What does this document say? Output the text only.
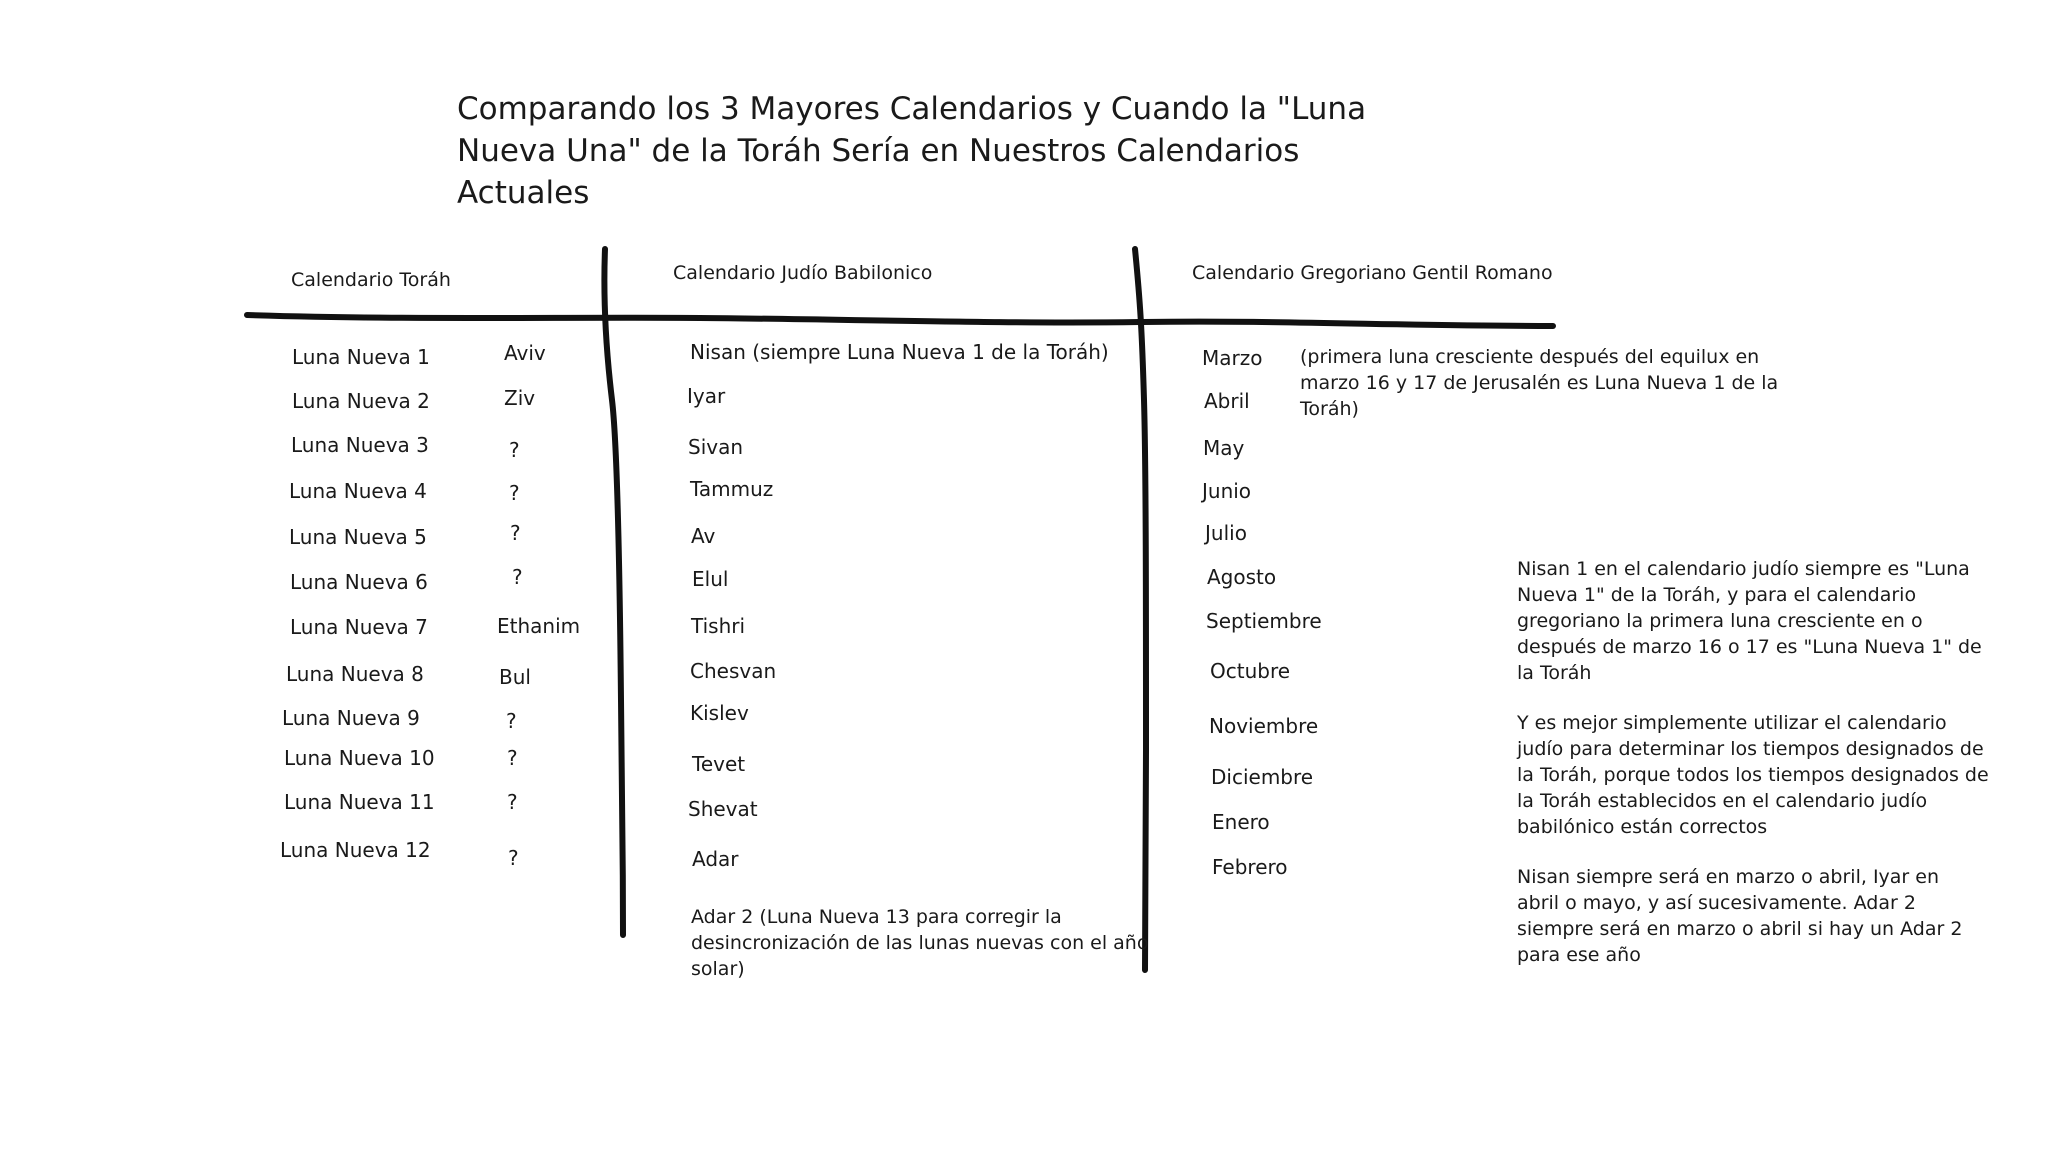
Comparando los 3 Mayores Calendarios y Cuando la "Luna Nueva Una" de la Toráh Sería en Nuestros Calendarios Actuales
Calendario Toráh	Calendario Judío Babilonico	Calendario Gregoriano Gentil Romano
Luna Nueva 1
Luna Nueva 2
Luna Nueva 3
Luna Nueva 4
Luna Nueva 5
Luna Nueva 6
Luna Nueva 7
Luna Nueva 8
Luna Nueva 9
Luna Nueva 10
Luna Nueva 11
Luna Nueva 12
Aviv
Ziv
?
?
?
?
Ethanim
Bul
?
?
?
?
Nisan (siempre Luna Nueva 1 de la Toráh)
Iyar
Sivan
Tammuz
Av
Elul
Tishri
Chesvan
Kislev
Tevet
Shevat
Adar
Adar 2 (Luna Nueva 13 para corregir la desincronización de las lunas nuevas con el año solar)
Marzo
Abril
May
Junio
Julio
Agosto
Septiembre
Octubre
Noviembre
Diciembre
Enero
Febrero
(primera luna cresciente después del equilux en marzo 16 y 17 de Jerusalén es Luna Nueva 1 de la Toráh)
Nisan 1 en el calendario judío siempre es "Luna Nueva 1" de la Toráh, y para el calendario gregoriano la primera luna cresciente en o después de marzo 16 o 17 es "Luna Nueva 1" de la Toráh
Y es mejor simplemente utilizar el calendario judío para determinar los tiempos designados de la Toráh, porque todos los tiempos designados de la Toráh establecidos en el calendario judío babilónico están correctos
Nisan siempre será en marzo o abril, Iyar en abril o mayo, y así sucesivamente. Adar 2 siempre será en marzo o abril si hay un Adar 2 para ese año
